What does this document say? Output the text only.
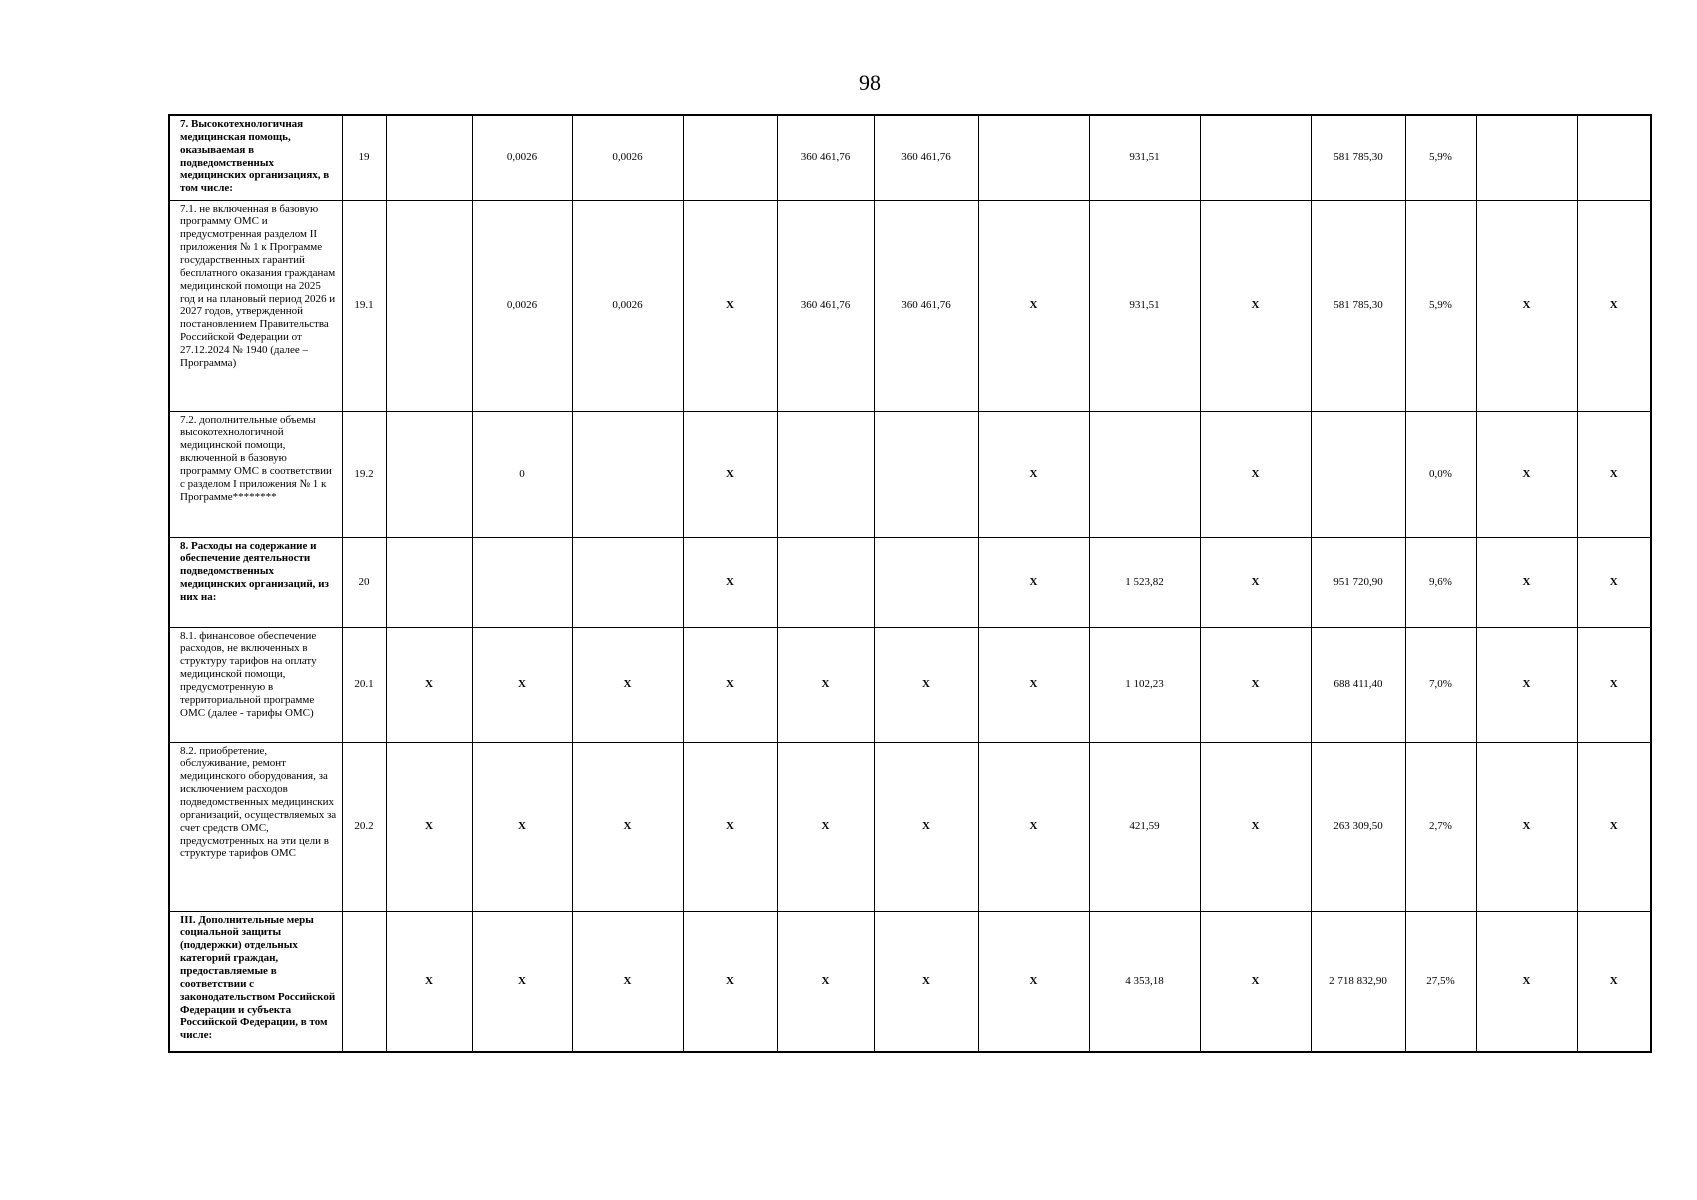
98
7. Высокотехнологичная медицинская помощь, оказываемая в подведомственных медицинских организациях, в том числе:	19		0,0026	0,0026		360 461,76	360 461,76		931,51		581 785,30	5,9%		
7.1. не включенная в базовую программу ОМС и предусмотренная разделом II приложения № 1 к Программе государственных гарантий бесплатного оказания гражданам медицинской помощи на 2025 год и на плановый период 2026 и 2027 годов, утвержденной постановлением Правительства Российской Федерации от 27.12.2024 № 1940 (далее – Программа)	19.1		0,0026	0,0026	X	360 461,76	360 461,76	X	931,51	X	581 785,30	5,9%	X	X
7.2. дополнительные объемы высокотехнологичной медицинской помощи, включенной в базовую программу ОМС в соответствии с разделом I приложения № 1 к Программе********	19.2		0		X			X		X		0,0%	X	X
8. Расходы на содержание и обеспечение деятельности подведомственных медицинских организаций, из них на:	20				X			X	1 523,82	X	951 720,90	9,6%	X	X
8.1. финансовое обеспечение расходов, не включенных в структуру тарифов на оплату медицинской помощи, предусмотренную в территориальной программе ОМС (далее - тарифы ОМС)	20.1	X	X	X	X	X	X	X	1 102,23	X	688 411,40	7,0%	X	X
8.2. приобретение, обслуживание, ремонт медицинского оборудования, за исключением расходов подведомственных медицинских организаций, осуществляемых за счет средств ОМС, предусмотренных на эти цели в структуре тарифов ОМС	20.2	X	X	X	X	X	X	X	421,59	X	263 309,50	2,7%	X	X
III. Дополнительные меры социальной защиты (поддержки) отдельных категорий граждан, предоставляемые в соответствии с законодательством Российской Федерации и субъекта Российской Федерации, в том числе:		X	X	X	X	X	X	X	4 353,18	X	2 718 832,90	27,5%	X	X
